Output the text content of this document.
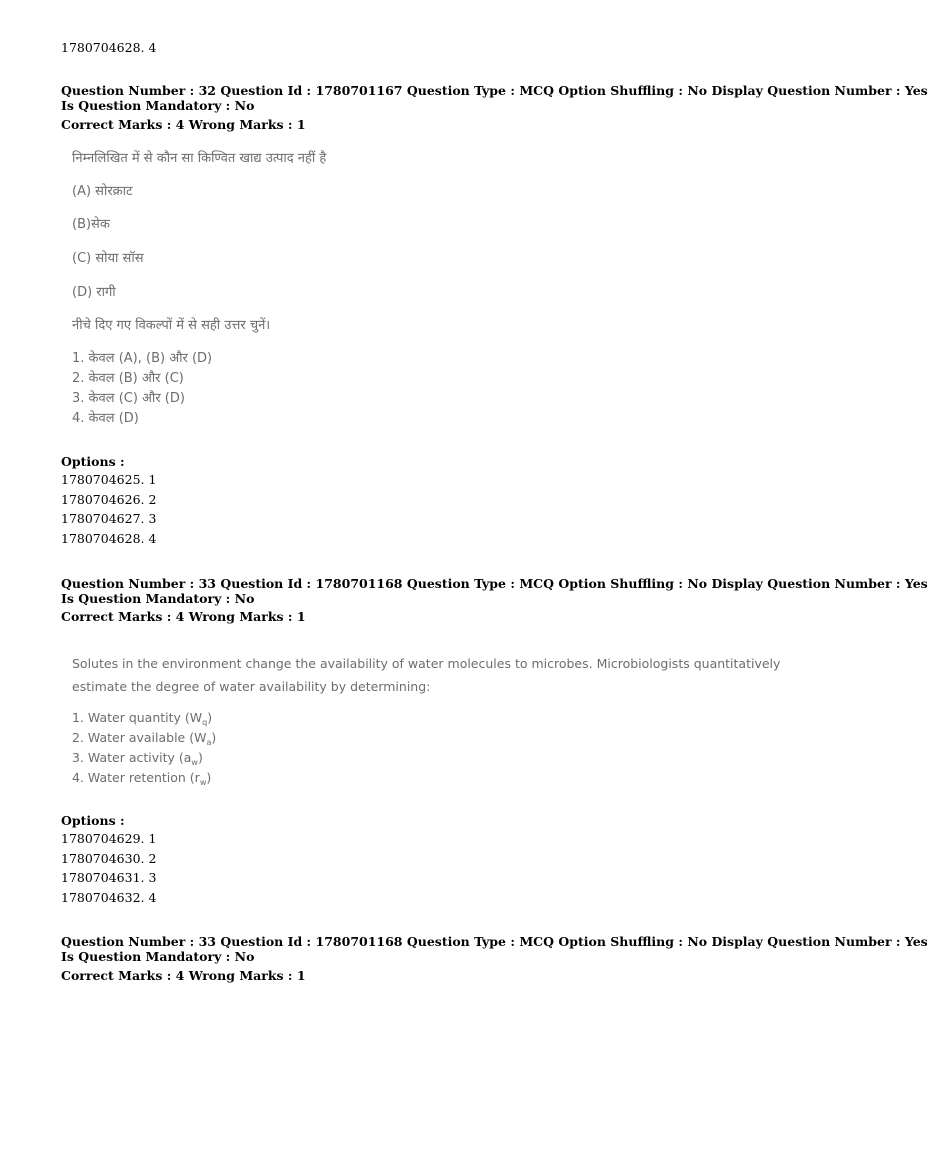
1780704628. 4
Question Number : 32 Question Id : 1780701167 Question Type : MCQ Option Shuffling : No Display Question Number : Yes
Is Question Mandatory : No
Correct Marks : 4 Wrong Marks : 1
निम्नलिखित में से कौन सा किण्वित खाद्य उत्पाद नहीं है
(A) सोरक्राट
(B)सेक
(C) सोया सॉस
(D) रागी
नीचे दिए गए विकल्पों में से सही उत्तर चुनें।
1. केवल (A), (B) और (D)
2. केवल (B) और (C)
3. केवल (C) और (D)
4. केवल (D)
Options :
1780704625. 1
1780704626. 2
1780704627. 3
1780704628. 4
Question Number : 33 Question Id : 1780701168 Question Type : MCQ Option Shuffling : No Display Question Number : Yes
Is Question Mandatory : No
Correct Marks : 4 Wrong Marks : 1
Solutes in the environment change the availability of water molecules to microbes. Microbiologists quantitatively
estimate the degree of water availability by determining:
1. Water quantity $(W_q)$
2. Water available $(W_a)$
3. Water activity $(a_w)$
4. Water retention $(r_w)$
Options :
1780704629. 1
1780704630. 2
1780704631. 3
1780704632. 4
Question Number : 33 Question Id : 1780701168 Question Type : MCQ Option Shuffling : No Display Question Number : Yes
Is Question Mandatory : No
Correct Marks : 4 Wrong Marks : 1
